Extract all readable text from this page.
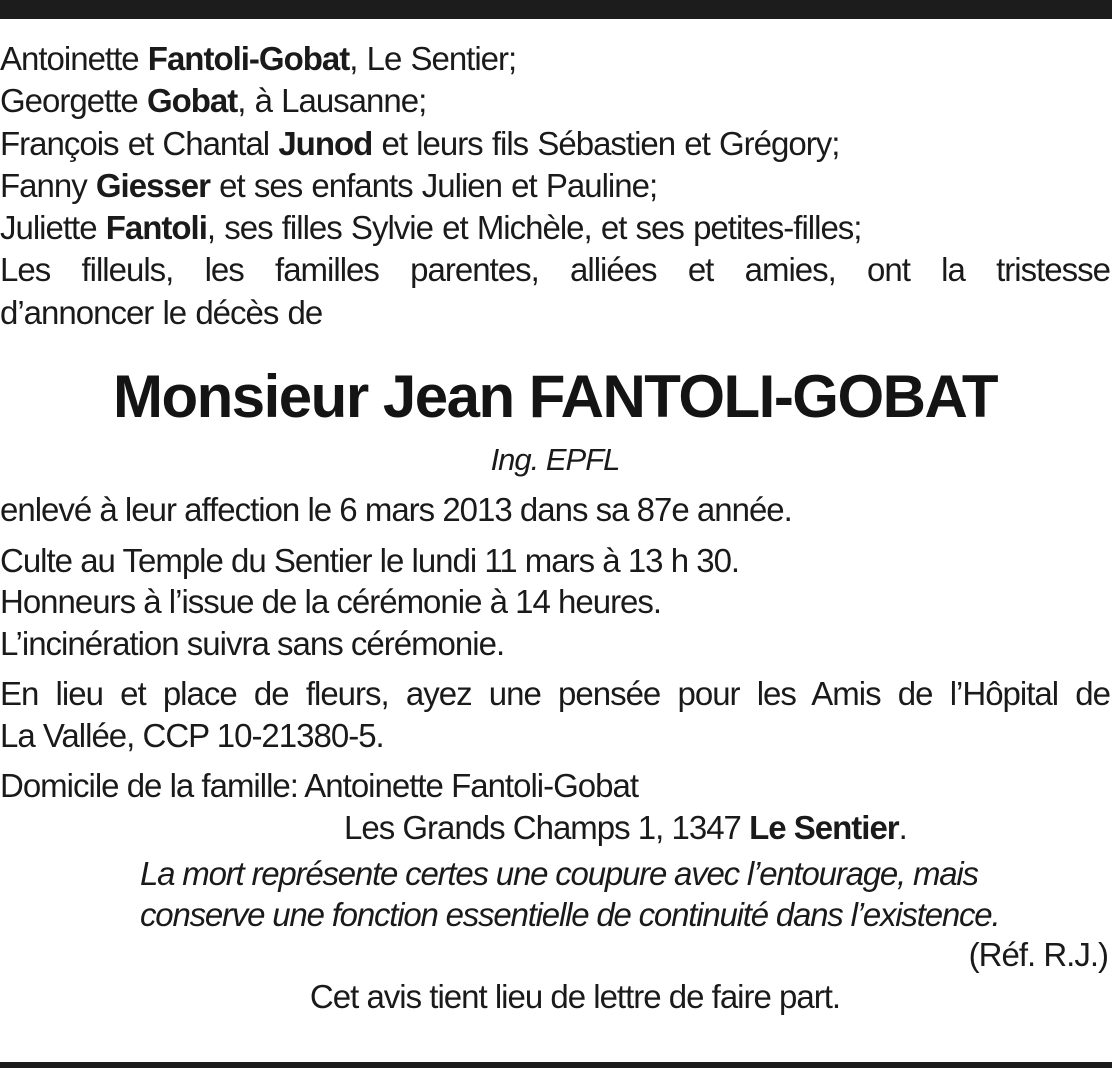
Antoinette Fantoli-Gobat, Le Sentier;
Georgette Gobat, à Lausanne;
François et Chantal Junod et leurs fils Sébastien et Grégory;
Fanny Giesser et ses enfants Julien et Pauline;
Juliette Fantoli, ses filles Sylvie et Michèle, et ses petites-filles;
Les filleuls, les familles parentes, alliées et amies, ont la tristesse
d’annoncer le décès de
Monsieur Jean FANTOLI-GOBAT
Ing. EPFL
enlevé à leur affection le 6 mars 2013 dans sa 87e année.
Culte au Temple du Sentier le lundi 11 mars à 13 h 30.
Honneurs à l’issue de la cérémonie à 14 heures.
L’incinération suivra sans cérémonie.
En lieu et place de fleurs, ayez une pensée pour les Amis de l’Hôpital de
La Vallée, CCP 10-21380-5.
Domicile de la famille: Antoinette Fantoli-Gobat
Les Grands Champs 1, 1347 Le Sentier.
La mort représente certes une coupure avec l’entourage, mais
conserve une fonction essentielle de continuité dans l’existence.
(Réf. R.J.)
Cet avis tient lieu de lettre de faire part.
